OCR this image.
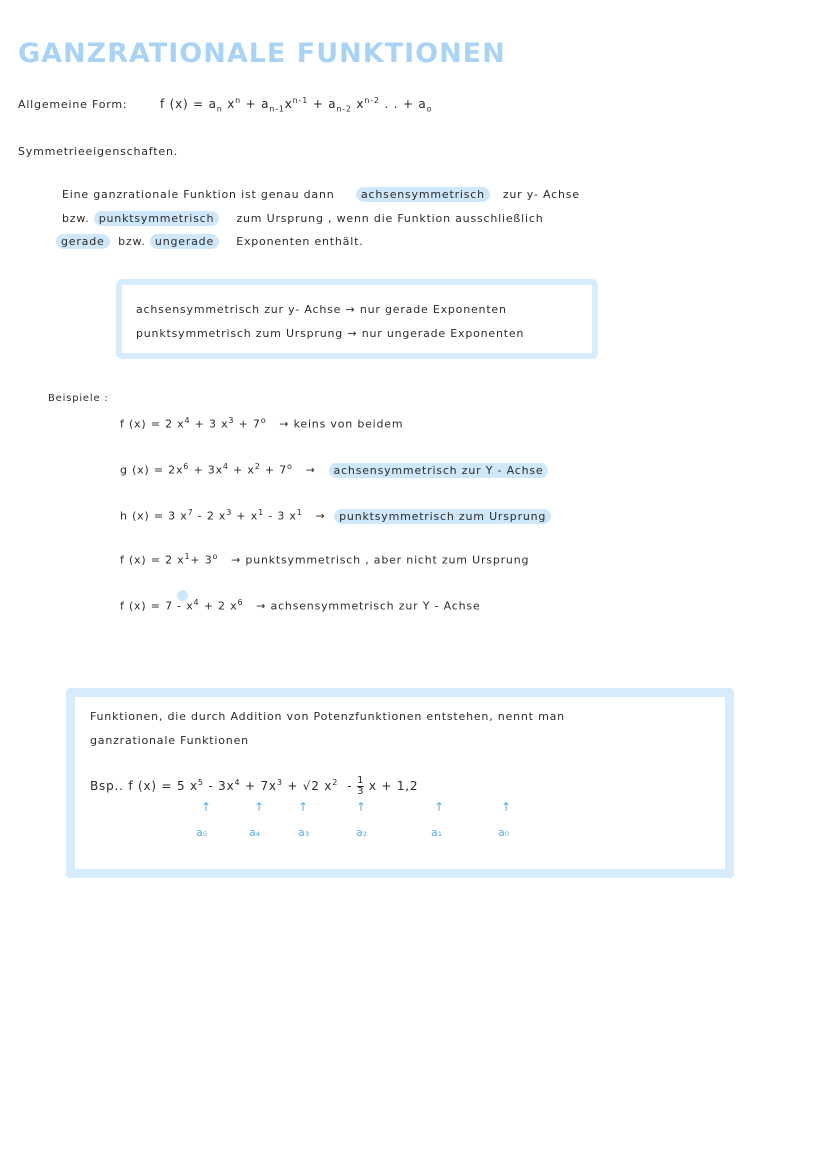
GANZRATIONALE FUNKTIONEN
Allgemeine Form:	f $(x) = a_n$ $x^n + a_{n-1}x^{n-1} + a_{n-2}$ $x^{n-2}$ . . + $a_o$
Symmetrieeigenschaften.
Eine ganzrationale Funktion ist genau dann achsensymmetrisch zur y- Achse
bzw. punktsymmetrisch zum Ursprung , wenn die Funktion ausschließlich
gerade bzw. ungerade Exponenten enthält.
achsensymmetrisch zur y- Achse → nur gerade Exponenten
punktsymmetrisch zum Ursprung → nur ungerade Exponenten
Beispiele :
f (x) = 2 $x^4 + 3$ $x^3 + 7^o$ → keins von beidem
g $(x) = 2x^6 + 3x^4 + x^2 + 7^o$ → achsensymmetrisch zur Y - Achse
h (x) = 3 $x^7 - 2$ $x^3 + x^1 - 3$ $x^1$ → punktsymmetrisch zum Ursprung
f (x) = 2 $x^1+ 3^o$ → punktsymmetrisch , aber nicht zum Ursprung
f $(x) = 7 - x^4 + 2$ $x^6$ → achsensymmetrisch zur Y - Achse
Funktionen, die durch Addition von Potenzfunktionen entstehen, nennt man
ganzrationale Funktionen
Bsp.. f (x) = 5 $x^5 - 3x^4 + 7x^3 + √2$ $x^2 - \frac{1}{3}$ x + 1,2
↑	↑	↑	↑	↑	↑
a₅	a₄	a₃	a₂	a₁	a₀
